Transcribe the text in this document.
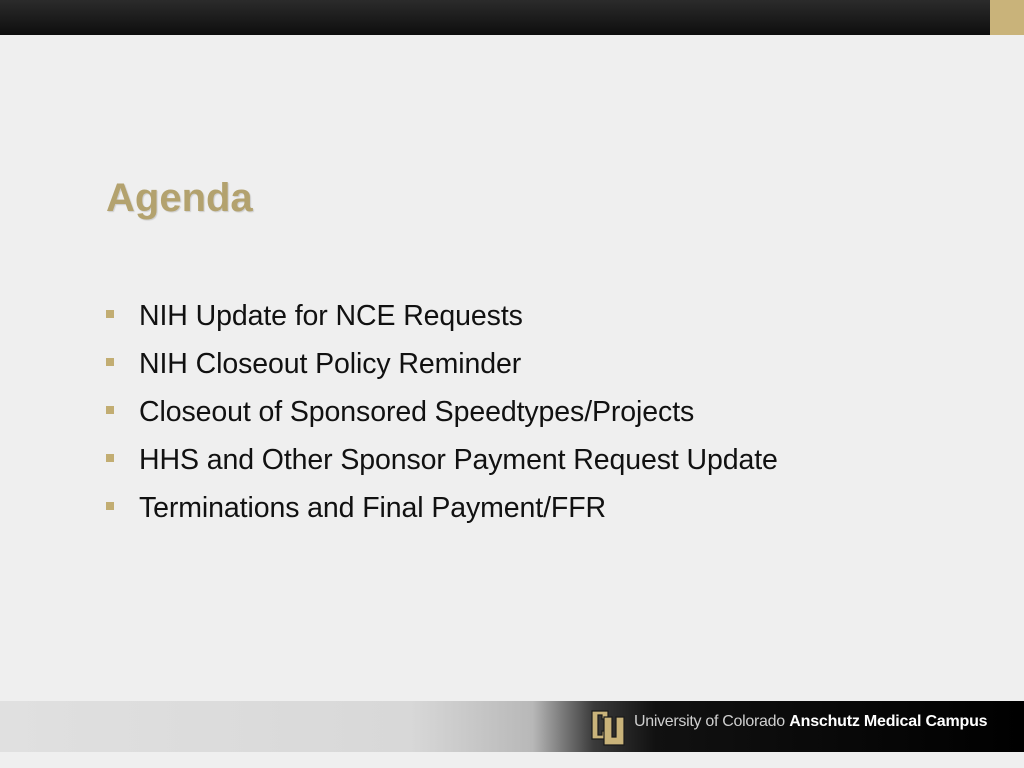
Agenda
NIH Update for NCE Requests
NIH Closeout Policy Reminder
Closeout of Sponsored Speedtypes/Projects
HHS and Other Sponsor Payment Request Update
Terminations and Final Payment/FFR
University of Colorado Anschutz Medical Campus
